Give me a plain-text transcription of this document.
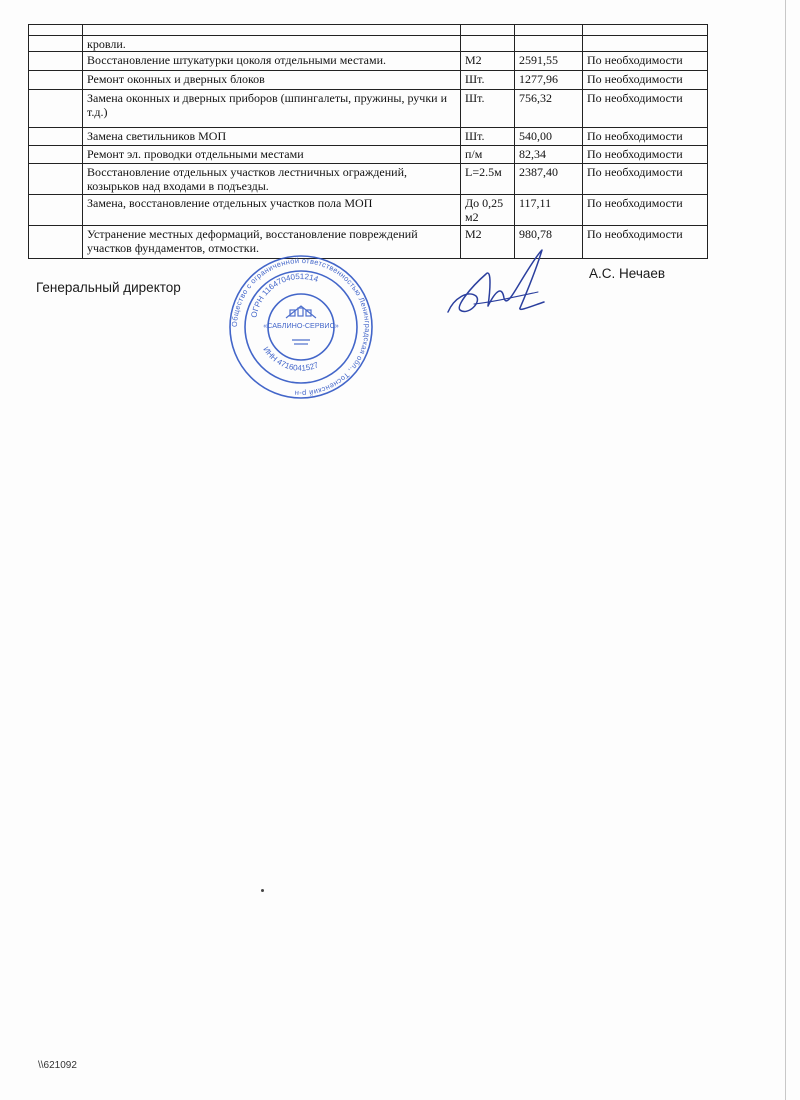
	кровли.			
	Восстановление штукатурки цоколя отдельными местами.	М2	2591,55	По необходимости
	Ремонт оконных и дверных блоков	Шт.	1277,96	По необходимости
	Замена оконных и дверных приборов (шпингалеты, пружины, ручки и т.д.)	Шт.	756,32	По необходимости
	Замена светильников МОП	Шт.	540,00	По необходимости
	Ремонт эл. проводки отдельными местами	п/м	82,34	По необходимости
	Восстановление отдельных участков лестничных ограждений, козырьков над входами в подъезды.	L=2.5м	2387,40	По необходимости
	Замена, восстановление отдельных участков пола МОП	До 0,25 м2	117,11	По необходимости
	Устранение местных деформаций, восстановление повреждений участков фундаментов, отмостки.	М2	980,78	По необходимости
Генеральный директор
Общество с ограниченной ответственностью Ленинградская обл., Тосненский р-н
ОГРН 1164704051214
ИНН 4716041527
«САБЛИНО-СЕРВИС»
А.С. Нечаев
\\621092
